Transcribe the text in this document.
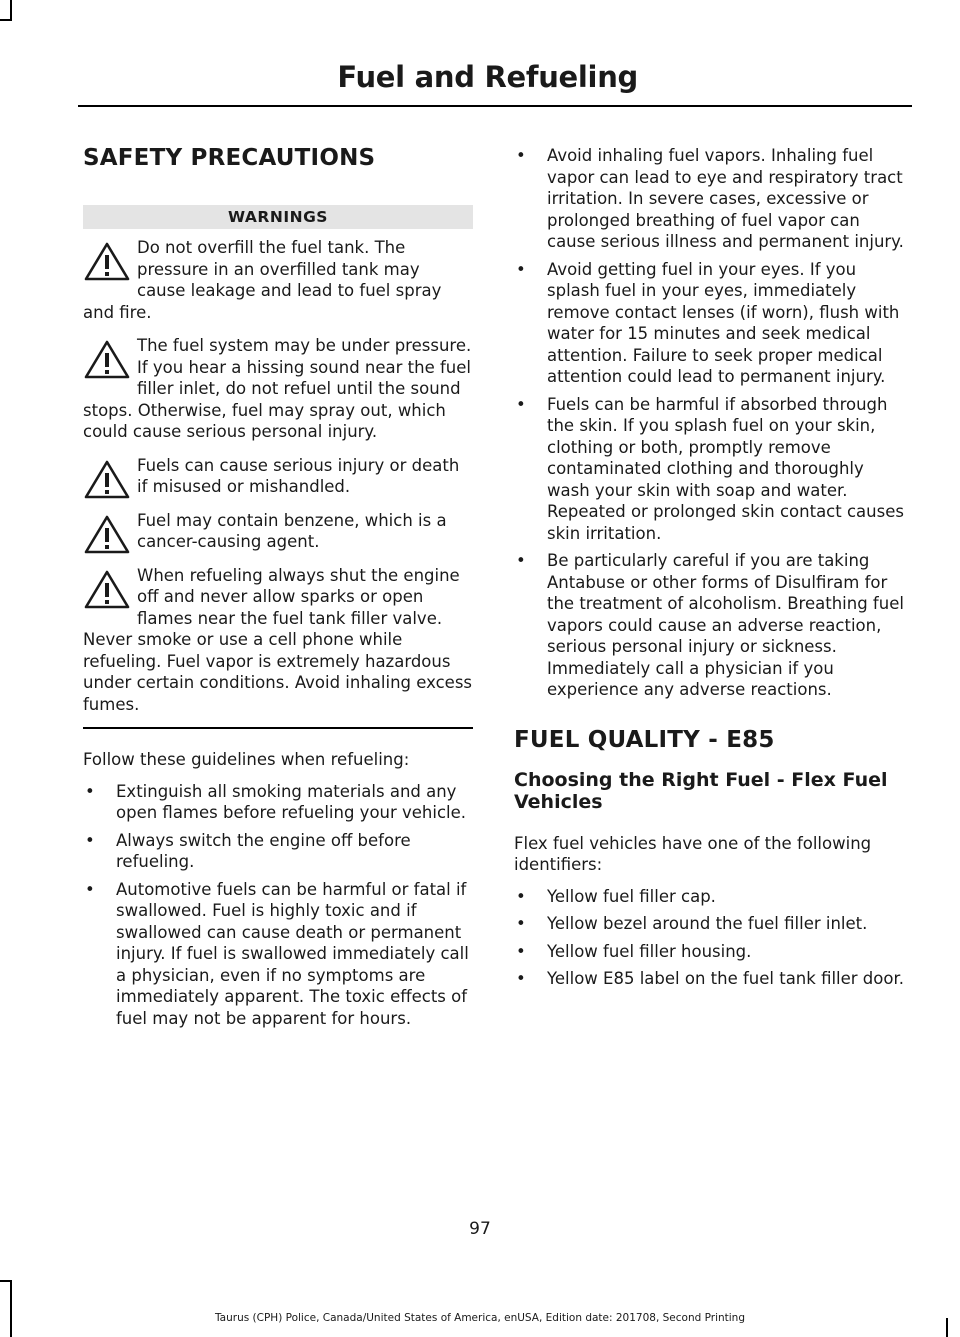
Fuel and Refueling
SAFETY PRECAUTIONS
WARNINGS
Do not overfill the fuel tank. The pressure in an overfilled tank may cause leakage and lead to fuel spray and fire.
The fuel system may be under pressure. If you hear a hissing sound near the fuel filler inlet, do not refuel until the sound stops. Otherwise, fuel may spray out, which could cause serious personal injury.
Fuels can cause serious injury or death if misused or mishandled.
Fuel may contain benzene, which is a cancer-causing agent.
When refueling always shut the engine off and never allow sparks or open flames near the fuel tank filler valve. Never smoke or use a cell phone while refueling. Fuel vapor is extremely hazardous under certain conditions. Avoid inhaling excess fumes.

Follow these guidelines when refueling:

• Extinguish all smoking materials and any open flames before refueling your vehicle.
• Always switch the engine off before refueling.
• Automotive fuels can be harmful or fatal if swallowed. Fuel is highly toxic and if swallowed can cause death or permanent injury. If fuel is swallowed immediately call a physician, even if no symptoms are immediately apparent. The toxic effects of fuel may not be apparent for hours.
• Avoid inhaling fuel vapors. Inhaling fuel vapor can lead to eye and respiratory tract irritation. In severe cases, excessive or prolonged breathing of fuel vapor can cause serious illness and permanent injury.
• Avoid getting fuel in your eyes. If you splash fuel in your eyes, immediately remove contact lenses (if worn), flush with water for 15 minutes and seek medical attention. Failure to seek proper medical attention could lead to permanent injury.
• Fuels can be harmful if absorbed through the skin. If you splash fuel on your skin, clothing or both, promptly remove contaminated clothing and thoroughly wash your skin with soap and water. Repeated or prolonged skin contact causes skin irritation.
• Be particularly careful if you are taking Antabuse or other forms of Disulfiram for the treatment of alcoholism. Breathing fuel vapors could cause an adverse reaction, serious personal injury or sickness. Immediately call a physician if you experience any adverse reactions.
FUEL QUALITY - E85
Choosing the Right Fuel - Flex Fuel Vehicles

Flex fuel vehicles have one of the following identifiers:

• Yellow fuel filler cap.
• Yellow bezel around the fuel filler inlet.
• Yellow fuel filler housing.
• Yellow E85 label on the fuel tank filler door.
97
Taurus (CPH) Police, Canada/United States of America, enUSA, Edition date: 201708, Second Printing
